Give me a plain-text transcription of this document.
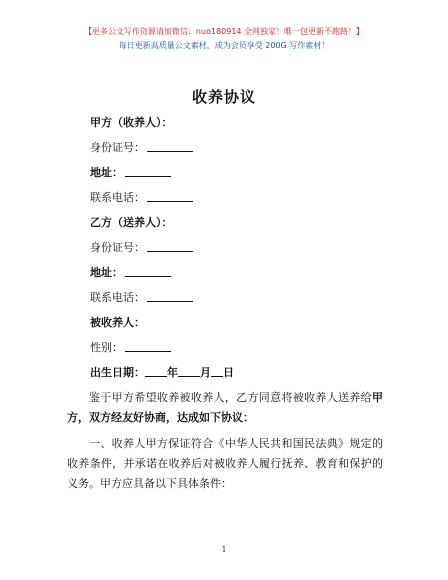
【更多公文写作资源请加微信：nuo180914 全网独家！唯一包更新不跑路！】
每日更新高质量公文素材，成为会员享受 200G 写作素材！
收养协议
甲方（收养人）：
身份证号：
地址：
联系电话：
乙方（送养人）：
身份证号：
地址：
联系电话：
被收养人：
性别：
出生日期： 年 月 日
鉴于甲方希望收养被收养人，乙方同意将被收养人送养给甲方，双方经友好协商，达成如下协议：
一、收养人甲方保证符合《中华人民共和国民法典》规定的收养条件，并承诺在收养后对被收养人履行抚养、教育和保护的义务。甲方应具备以下具体条件：
1
